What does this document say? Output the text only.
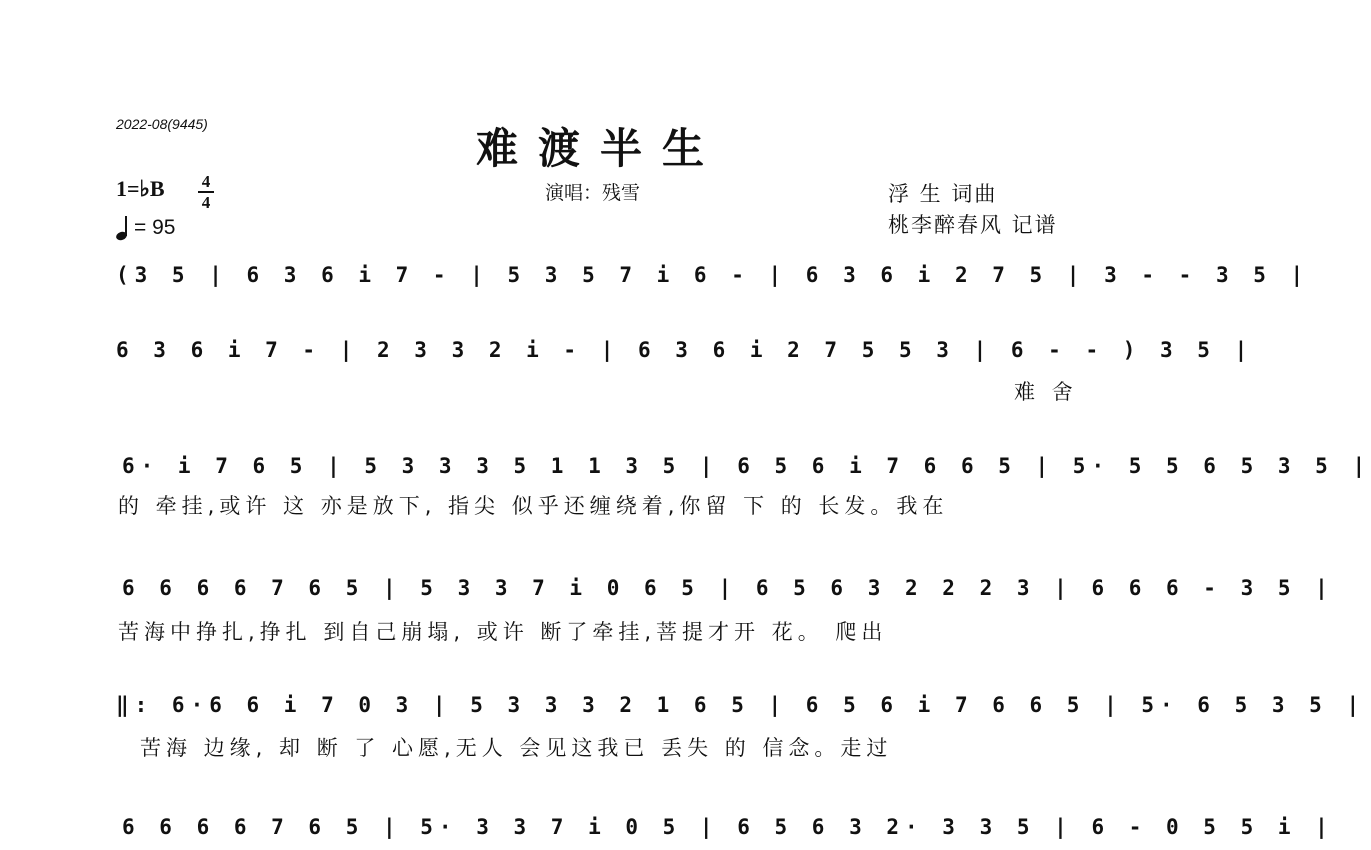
2022-08(9445)	难渡半生
1=♭B 4
4
= 95
演唱：残雪	浮 生 词曲
桃李醉春风 记谱
(3 5 | 6 3 6 i 7 - | 5 3 5 7 i 6 - | 6 3 6 i 2 7 5 | 3 - - 3 5 |
6 3 6 i 7 - | 2 3 3 2 i - | 6 3 6 i 2 7 5 5 3 | 6 - - ) 3 5 |
难 舍
6· i 7 6 5 | 5 3 3 3 5 1 1 3 5 | 6 5 6 i 7 6 6 5 | 5· 5 5 6 5 3 5 |
的 牵挂,或许 这 亦是放下, 指尖 似乎还缠绕着,你留 下 的 长发。我在
6 6 6 6 7 6 5 | 5 3 3 7 i 0 6 5 | 6 5 6 3 2 2 2 3 | 6 6 6 - 3 5 |
苦海中挣扎,挣扎 到自己崩塌, 或许 断了牵挂,菩提才开 花。 爬出
‖: 6·6 6 i 7 0 3 | 5 3 3 3 2 1 6 5 | 6 5 6 i 7 6 6 5 | 5· 6 5 3 5 |
苦海 边缘, 却 断 了 心愿,无人 会见这我已 丢失 的 信念。走过
6 6 6 6 7 6 5 | 5· 3 3 7 i 0 5 | 6 5 6 3 2· 3 3 5 | 6 - 0 5 5 i |
